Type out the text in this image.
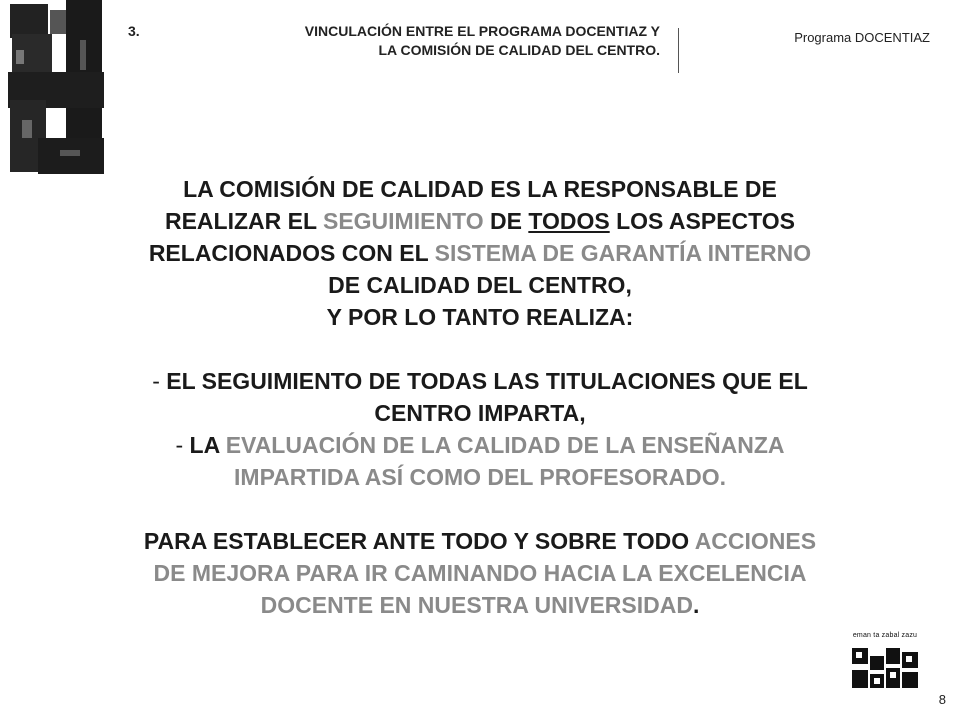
3.	VINCULACIÓN ENTRE EL PROGRAMA DOCENTIAZ Y
LA COMISIÓN DE CALIDAD DEL CENTRO.
Programa DOCENTIAZ
LA COMISIÓN DE CALIDAD ES LA RESPONSABLE DE
REALIZAR EL SEGUIMIENTO DE TODOS LOS ASPECTOS
RELACIONADOS CON EL SISTEMA DE GARANTÍA INTERNO
DE CALIDAD DEL CENTRO,
Y POR LO TANTO REALIZA:
- EL SEGUIMIENTO DE TODAS LAS TITULACIONES QUE EL
CENTRO IMPARTA,
- LA EVALUACIÓN DE LA CALIDAD DE LA ENSEÑANZA
IMPARTIDA ASÍ COMO DEL PROFESORADO.
PARA ESTABLECER ANTE TODO Y SOBRE TODO ACCIONES
DE MEJORA PARA IR CAMINANDO HACIA LA EXCELENCIA
DOCENTE EN NUESTRA UNIVERSIDAD.
eman ta zabal zazu
8
